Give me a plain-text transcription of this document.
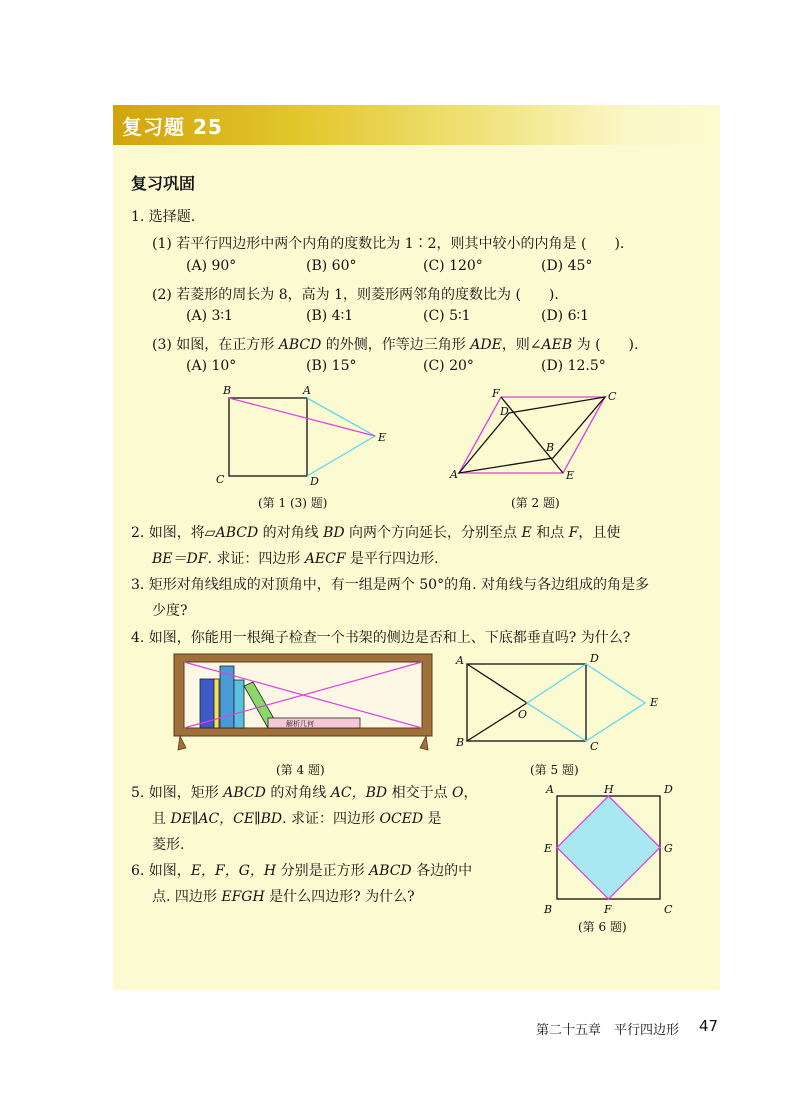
复习题 25
复习巩固
1. 选择题.
(1) 若平行四边形中两个内角的度数比为 1∶2，则其中较小的内角是 (　　).
(A) 90°	(B) 60°	(C) 120°	(D) 45°
(2) 若菱形的周长为 8，高为 1，则菱形两邻角的度数比为 (　　).
(A) 3∶1	(B) 4∶1	(C) 5∶1	(D) 6∶1
(3) 如图，在正方形 ABCD 的外侧，作等边三角形 ADE，则∠AEB 为 (　　).
(A) 10°	(B) 15°	(C) 20°	(D) 12.5°
B	A
E
C	D
(第 1 (3) 题)
F
D
C
B
A	E
(第 2 题)
2. 如图，将▱ABCD 的对角线 BD 向两个方向延长，分别至点 E 和点 F，且使
BE＝DF. 求证：四边形 AECF 是平行四边形.
3. 矩形对角线组成的对顶角中，有一组是两个 50°的角. 对角线与各边组成的角是多
少度?
4. 如图，你能用一根绳子检查一个书架的侧边是否和上、下底都垂直吗? 为什么?
解析几何
(第 4 题)
A	D
E
O
B	C
(第 5 题)
5. 如图，矩形 ABCD 的对角线 AC，BD 相交于点 O，
且 DE∥AC，CE∥BD. 求证：四边形 OCED 是
菱形.
6. 如图，E，F，G，H 分别是正方形 ABCD 各边的中
点. 四边形 EFGH 是什么四边形? 为什么?
A	H	D
E	G
B	F	C
(第 6 题)
第二十五章　平行四边形 47
